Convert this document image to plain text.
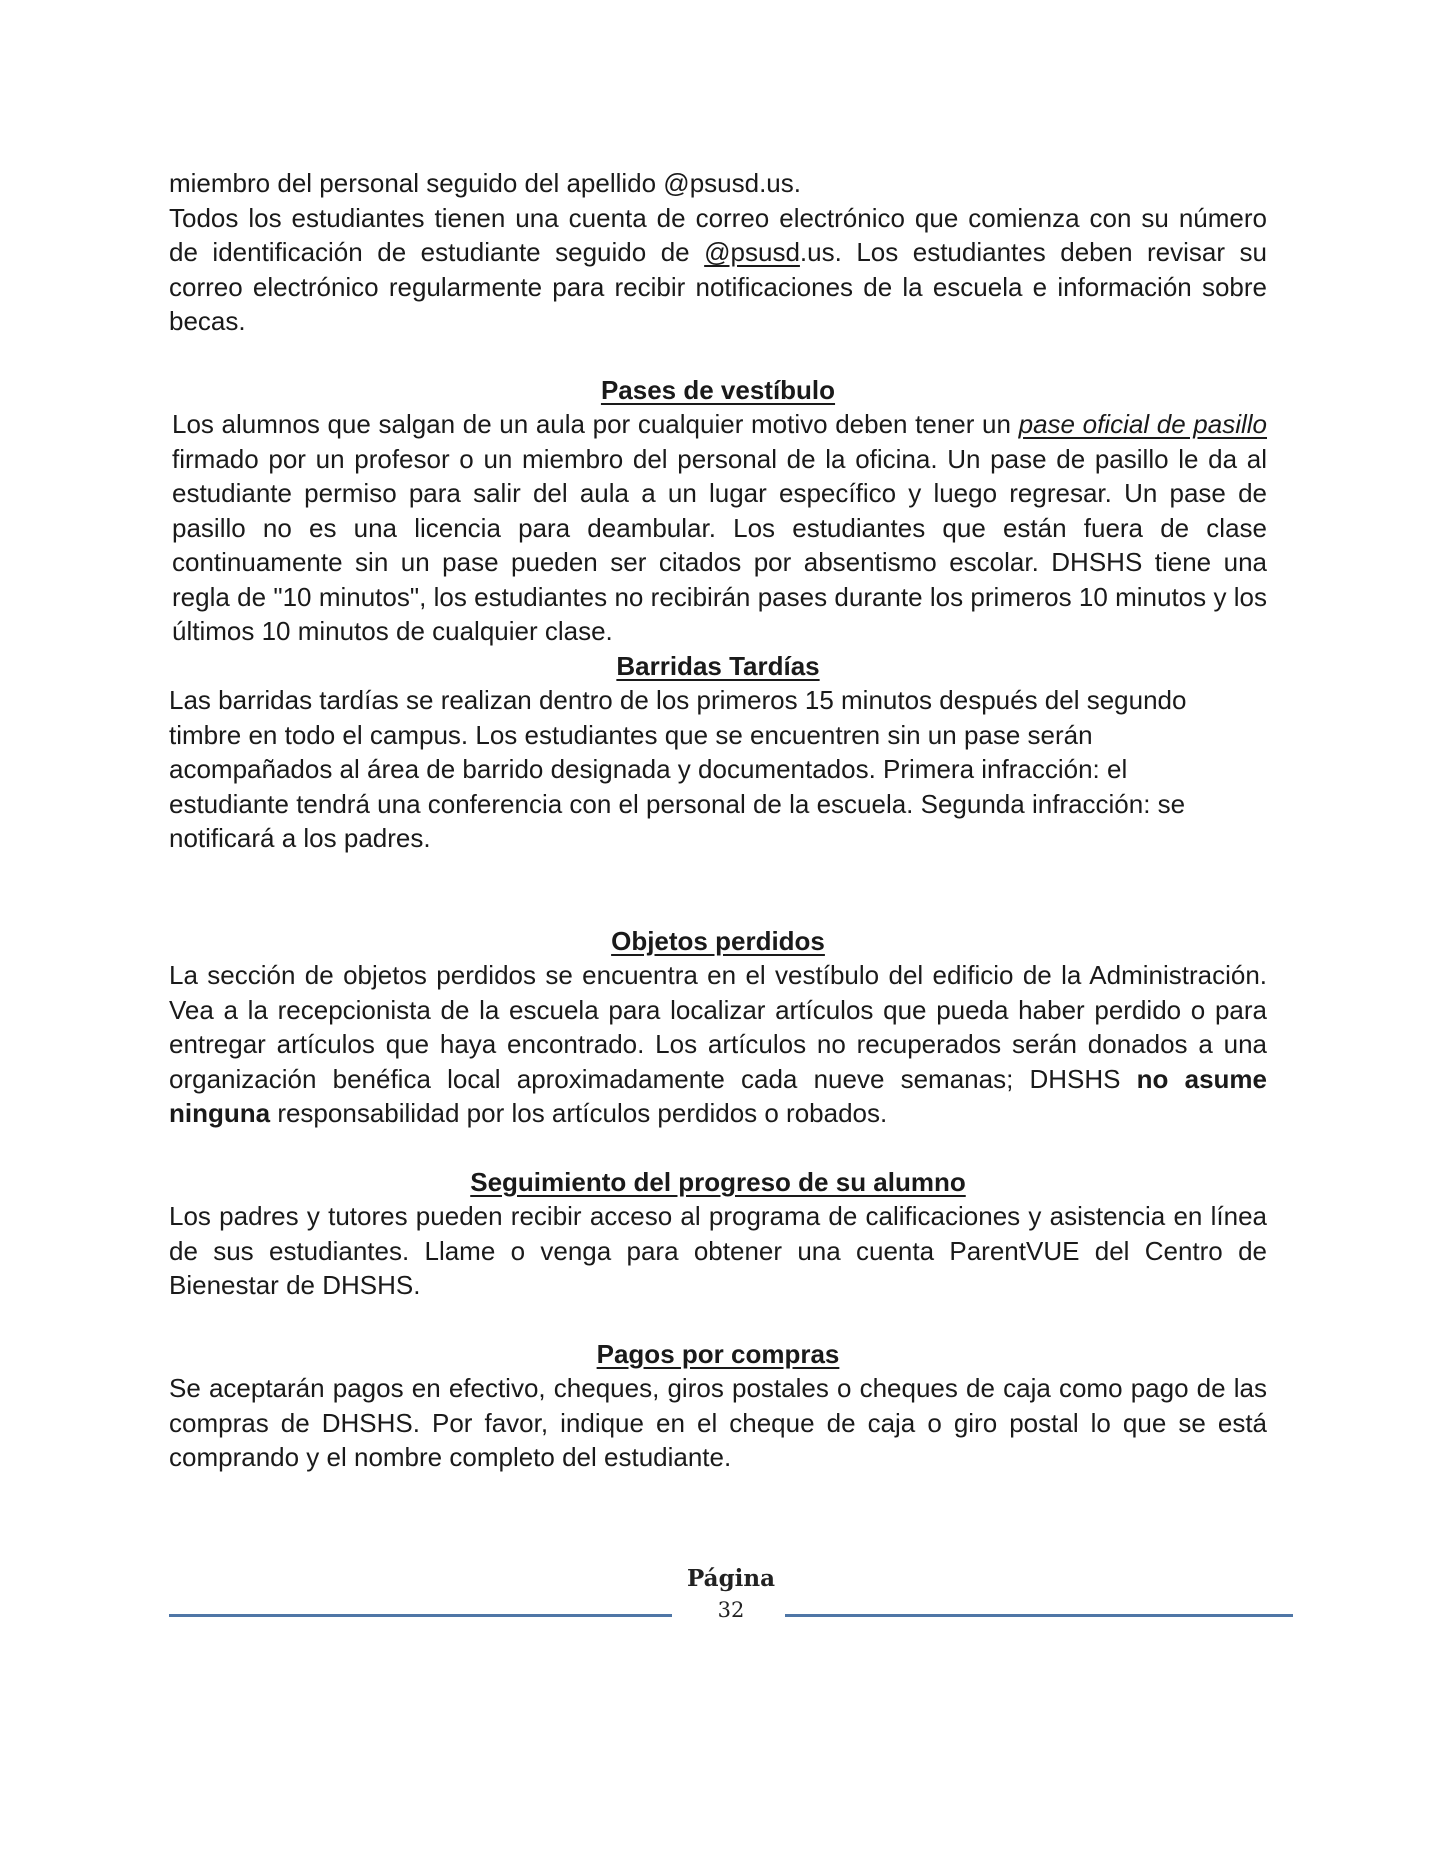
miembro del personal seguido del apellido @psusd.us.

Todos los estudiantes tienen una cuenta de correo electrónico que comienza con su número de identificación de estudiante seguido de @psusd.us. Los estudiantes deben revisar su correo electrónico regularmente para recibir notificaciones de la escuela e información sobre becas.

Pases de vestíbulo

Los alumnos que salgan de un aula por cualquier motivo deben tener un pase oficial de pasillo firmado por un profesor o un miembro del personal de la oficina. Un pase de pasillo le da al estudiante permiso para salir del aula a un lugar específico y luego regresar. Un pase de pasillo no es una licencia para deambular. Los estudiantes que están fuera de clase continuamente sin un pase pueden ser citados por absentismo escolar. DHSHS tiene una regla de "10 minutos", los estudiantes no recibirán pases durante los primeros 10 minutos y los últimos 10 minutos de cualquier clase.

Barridas Tardías

Las barridas tardías se realizan dentro de los primeros 15 minutos después del segundo timbre en todo el campus. Los estudiantes que se encuentren sin un pase serán acompañados al área de barrido designada y documentados. Primera infracción: el estudiante tendrá una conferencia con el personal de la escuela. Segunda infracción: se notificará a los padres.

Objetos perdidos

La sección de objetos perdidos se encuentra en el vestíbulo del edificio de la Administración. Vea a la recepcionista de la escuela para localizar artículos que pueda haber perdido o para entregar artículos que haya encontrado. Los artículos no recuperados serán donados a una organización benéfica local aproximadamente cada nueve semanas; DHSHS no asume ninguna responsabilidad por los artículos perdidos o robados.

Seguimiento del progreso de su alumno

Los padres y tutores pueden recibir acceso al programa de calificaciones y asistencia en línea de sus estudiantes. Llame o venga para obtener una cuenta ParentVUE del Centro de Bienestar de DHSHS.

Pagos por compras

Se aceptarán pagos en efectivo, cheques, giros postales o cheques de caja como pago de las compras de DHSHS. Por favor, indique en el cheque de caja o giro postal lo que se está comprando y el nombre completo del estudiante.

Página
32
